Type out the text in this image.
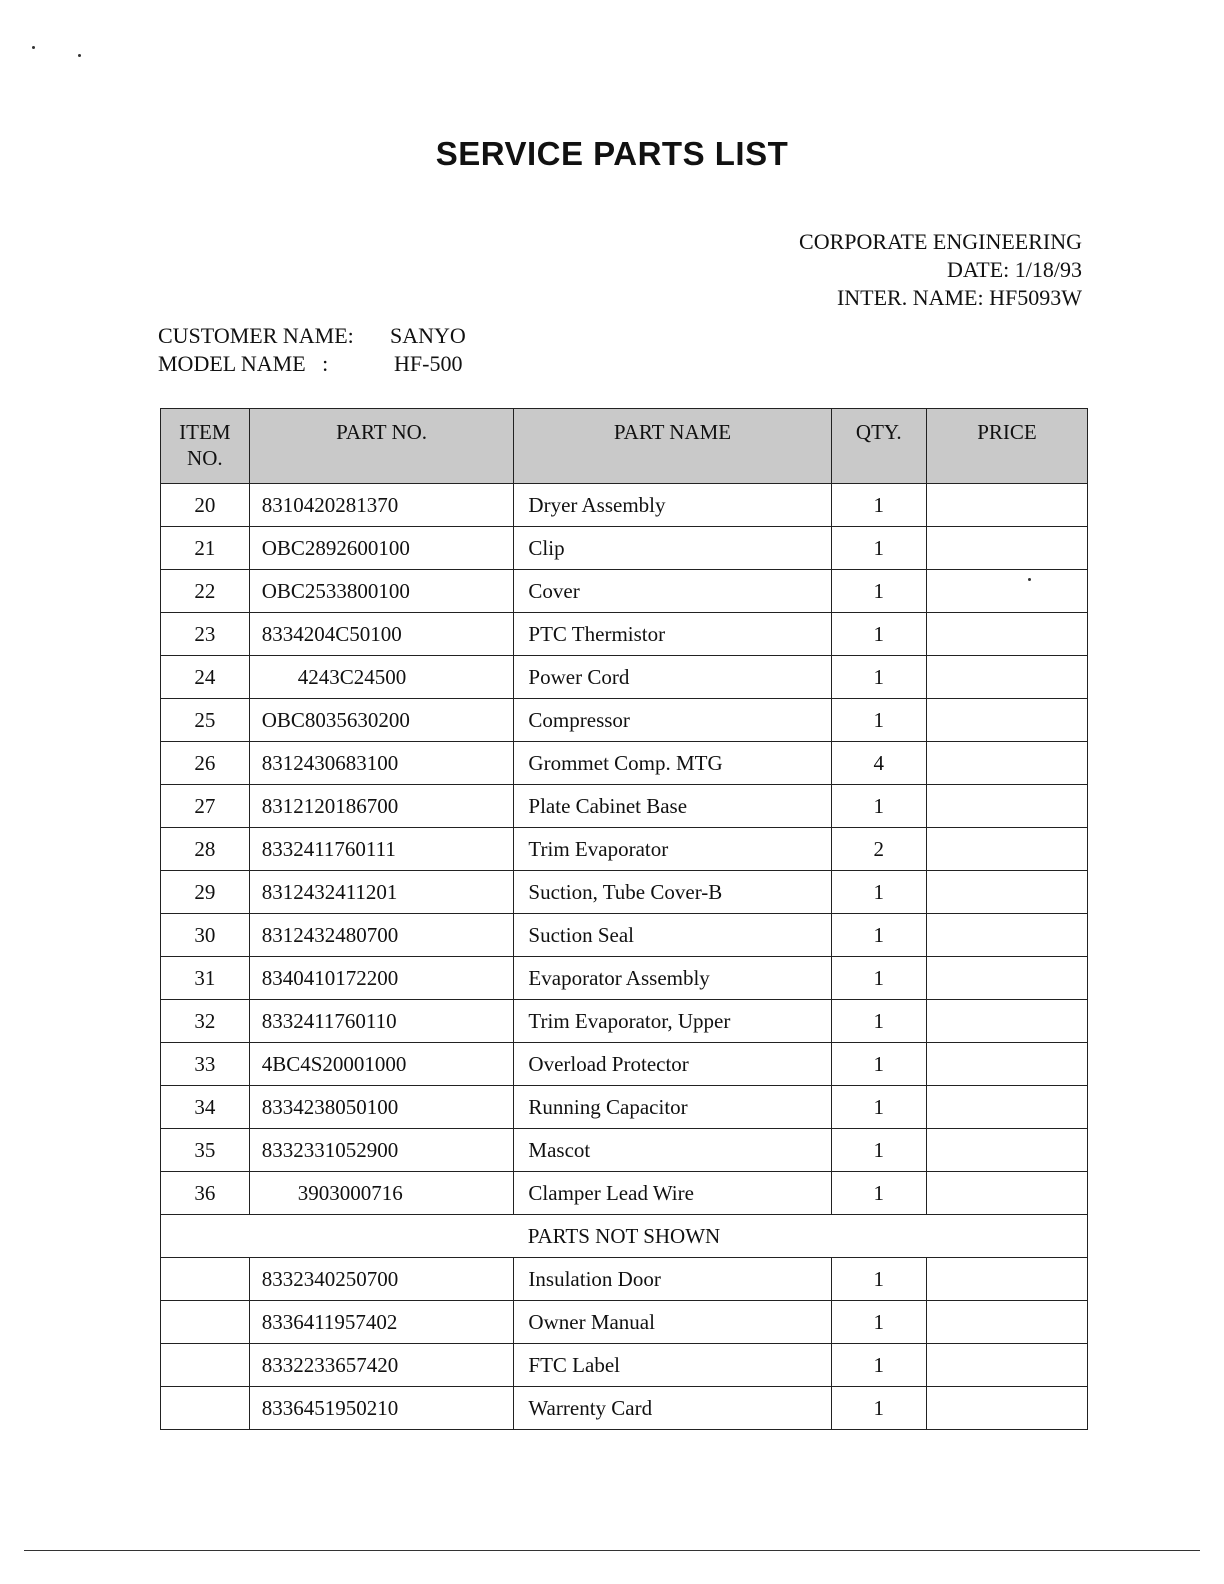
SERVICE PARTS LIST
CORPORATE ENGINEERING
DATE: 1/18/93
INTER. NAME: HF5093W
CUSTOMER NAME: SANYO
MODEL NAME   :	HF-500
ITEM NO.	PART NO.	PART NAME	QTY.	PRICE
20	8310420281370	Dryer Assembly	1	
21	OBC2892600100	Clip	1	
22	OBC2533800100	Cover	1	
23	8334204C50100	PTC Thermistor	1	
24	4243C24500	Power Cord	1	
25	OBC8035630200	Compressor	1	
26	8312430683100	Grommet Comp. MTG	4	
27	8312120186700	Plate Cabinet Base	1	
28	8332411760111	Trim Evaporator	2	
29	8312432411201	Suction, Tube Cover-B	1	
30	8312432480700	Suction Seal	1	
31	8340410172200	Evaporator Assembly	1	
32	8332411760110	Trim Evaporator, Upper	1	
33	4BC4S20001000	Overload Protector	1	
34	8334238050100	Running Capacitor	1	
35	8332331052900	Mascot	1	
36	3903000716	Clamper Lead Wire	1	
PARTS NOT SHOWN				
	8332340250700	Insulation Door	1	
	8336411957402	Owner Manual	1	
	8332233657420	FTC Label	1	
	8336451950210	Warrenty Card	1	
